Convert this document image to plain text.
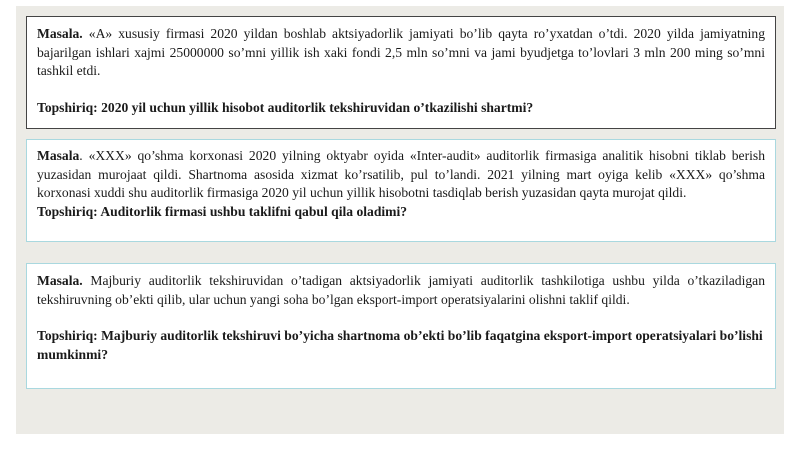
Masala. «A» xususiy firmasi 2020 yildan boshlab aktsiyadorlik jamiyati bo’lib qayta ro’yxatdan o’tdi. 2020 yilda jamiyatning bajarilgan ishlari xajmi 25000000 so’mni yillik ish xaki fondi 2,5 mln so’mni va jami byudjetga to’lovlari 3 mln 200 ming so’mni tashkil etdi.

Topshiriq: 2020 yil uchun yillik hisobot auditorlik tekshiruvidan o’tkazilishi shartmi?

Masala. «XXX» qo’shma korxonasi 2020 yilning oktyabr oyida «Inter-audit» auditorlik firmasiga analitik hisobni tiklab berish yuzasidan murojaat qildi. Shartnoma asosida xizmat ko’rsatilib, pul to’landi. 2021 yilning mart oyiga kelib «XXX» qo’shma korxonasi xuddi shu auditorlik firmasiga 2020 yil uchun yillik hisobotni tasdiqlab berish yuzasidan qayta murojat qildi.

Topshiriq: Auditorlik firmasi ushbu taklifni qabul qila oladimi?

Masala. Majburiy auditorlik tekshiruvidan o’tadigan aktsiyadorlik jamiyati auditorlik tashkilotiga ushbu yilda o’tkaziladigan tekshiruvning ob’ekti qilib, ular uchun yangi soha bo’lgan eksport-import operatsiyalarini olishni taklif qildi.

Topshiriq: Majburiy auditorlik tekshiruvi bo’yicha shartnoma ob’ekti bo’lib faqatgina eksport-import operatsiyalari bo’lishi mumkinmi?
